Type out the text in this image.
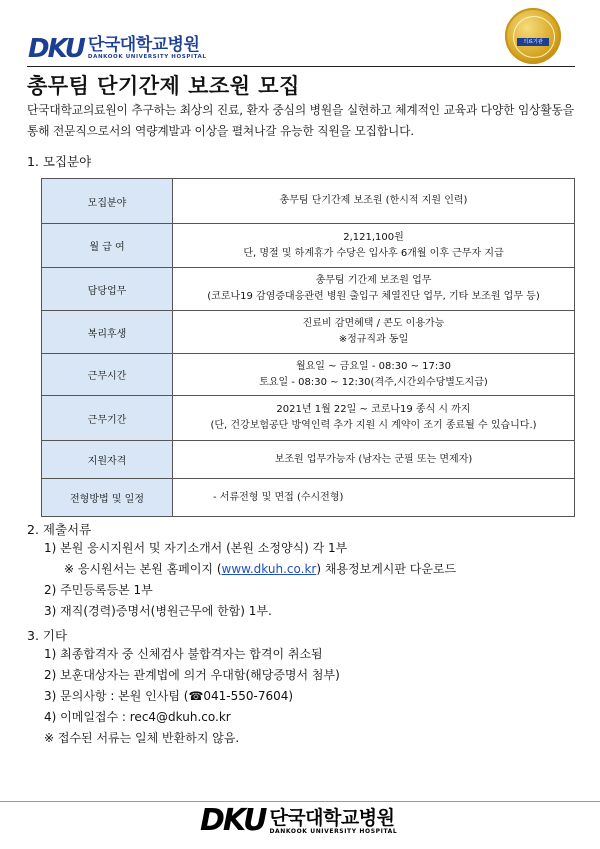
DKU 단국대학교병원
DANKOOK UNIVERSITY HOSPITAL
의료기관
총무팀 단기간제 보조원 모집
단국대학교의료원이 추구하는 최상의 진료, 환자 중심의 병원을 실현하고 체계적인 교육과 다양한 임상활동을 통해 전문직으로서의 역량계발과 이상을 펼쳐나갈 유능한 직원을 모집합니다.
1. 모집분야
모집분야	총무팀 단기간제 보조원 (한시적 지원 인력)

월 급 여	2,121,100원
단, 명절 및 하계휴가 수당은 입사후 6개월 이후 근무자 지급

담당업무	총무팀 기간제 보조원 업무
(코로나19 감염증대응관련 병원 출입구 체열진단 업무, 기타 보조원 업무 등)

복리후생	진료비 감면혜택 / 콘도 이용가능
※정규직과 동일

근무시간	월요일 ~ 금요일 - 08:30 ~ 17:30
토요일 - 08:30 ~ 12:30(격주,시간외수당별도지급)

근무기간	2021년 1월 22일 ~ 코로나19 종식 시 까지
(단, 건강보험공단 방역인력 추가 지원 시 계약이 조기 종료될 수 있습니다.)

지원자격	보조원 업무가능자 (남자는 군필 또는 면제자)

전형방법 및 일정	- 서류전형 및 면접 (수시전형)
2. 제출서류
1) 본원 응시지원서 및 자기소개서 (본원 소정양식) 각 1부
※ 응시원서는 본원 홈페이지 (www.dkuh.co.kr) 채용정보게시판 다운로드
2) 주민등록등본 1부
3) 재직(경력)증명서(병원근무에 한함) 1부.
3. 기타
1) 최종합격자 중 신체검사 불합격자는 합격이 취소됨
2) 보훈대상자는 관계법에 의거 우대함(해당증명서 첨부)
3) 문의사항 : 본원 인사팀 (☎041-550-7604)
4) 이메일접수 : rec4@dkuh.co.kr
※ 접수된 서류는 일체 반환하지 않음.
DKU 단국대학교병원
DANKOOK UNIVERSITY HOSPITAL
